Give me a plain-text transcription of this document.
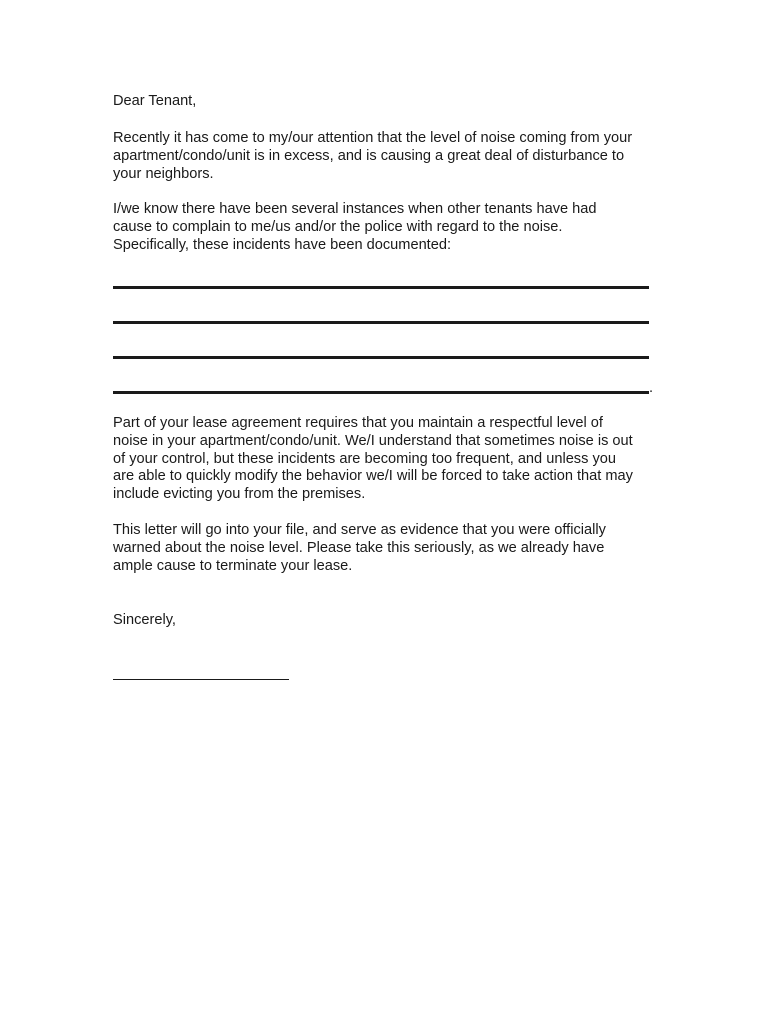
Dear Tenant,
Recently it has come to my/our attention that the level of noise coming from your
apartment/condo/unit is in excess, and is causing a great deal of disturbance to
your neighbors.
I/we know there have been several instances when other tenants have had
cause to complain to me/us and/or the police with regard to the noise.
Specifically, these incidents have been documented:
.
Part of your lease agreement requires that you maintain a respectful level of
noise in your apartment/condo/unit. We/I understand that sometimes noise is out
of your control, but these incidents are becoming too frequent, and unless you
are able to quickly modify the behavior we/I will be forced to take action that may
include evicting you from the premises.
This letter will go into your file, and serve as evidence that you were officially
warned about the noise level. Please take this seriously, as we already have
ample cause to terminate your lease.
Sincerely,
